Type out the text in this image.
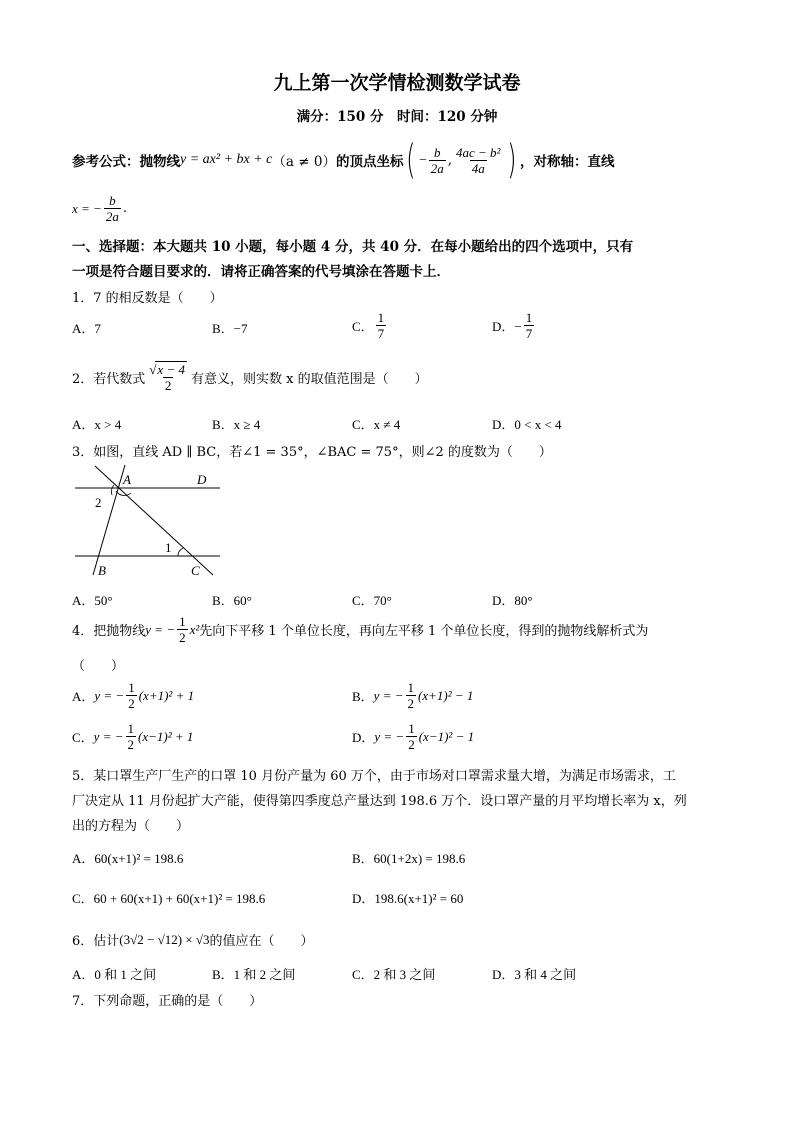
九上第一次学情检测数学试卷
满分：150 分　时间：120 分钟
参考公式：抛物线 y = ax² + bx + c （a ≠ 0） 的顶点坐标 ( − $\frac{b}{2a}$ , $\frac{\text{4ac − b²}}{4a}$ ) ，对称轴：直线
x = − $\frac{b}{2a}$ .
一、选择题：本大题共 10 小题，每小题 4 分，共 40 分．在每小题给出的四个选项中，只有
一项是符合题目要求的．请将正确答案的代号填涂在答题卡上．
1．7 的相反数是（　　）
A．7	B．−7	C． $\frac{1}{7}$	D．− $\frac{1}{7}$
2．若代数式 $\frac{√x - 4}{2}$ 有意义，则实数 x 的取值范围是（　　）
A．x > 4	B．x ≥ 4	C．x ≠ 4	D．0 < x < 4
3．如图，直线 AD ∥ BC，若∠1 = 35°，∠BAC = 75°，则∠2 的度数为（　　）
A	D
B	C
1
2
A．50°	B．60°	C．70°	D．80°
4．把抛物线 y = − $\frac{1}{2} x^2$ 先向下平移 1 个单位长度，再向左平移 1 个单位长度，得到的抛物线解析式为
（　　）
A． y = − $\frac{1}{2} (x+1)^2 + 1$	B． y = − $\frac{1}{2} (x+1)^2 - 1$
C． y = − $\frac{1}{2} (x-1)^2 + 1$	D． y = − $\frac{1}{2} (x-1)^2 - 1$
5．某口罩生产厂生产的口罩 10 月份产量为 60 万个，由于市场对口罩需求量大增，为满足市场需求，工
厂决定从 11 月份起扩大产能，使得第四季度总产量达到 198.6 万个．设口罩产量的月平均增长率为 x，列
出的方程为（　　）
A．60(x+1)² = 198.6	B．60(1+2x) = 198.6
C．60 + 60(x+1) + 60(x+1)² = 198.6	D．198.6(x+1)² = 60
6．估计 (3√2 − √12) × √3 的值应在（　　）
A．0 和 1 之间	B．1 和 2 之间	C．2 和 3 之间	D．3 和 4 之间
7．下列命题，正确的是（　　）
